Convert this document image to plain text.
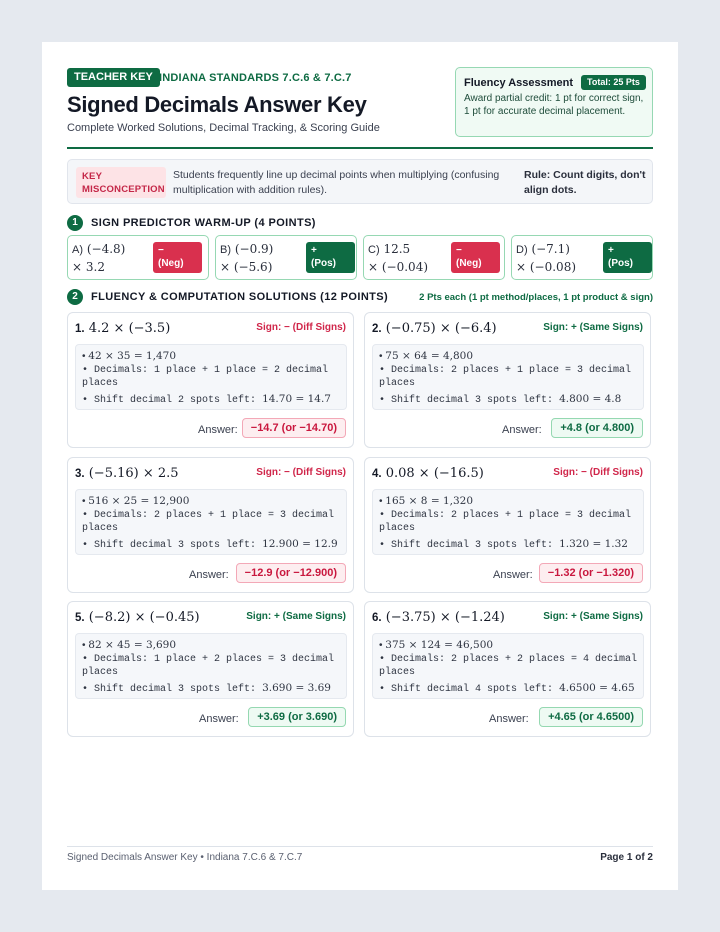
TEACHER KEY INDIANA STANDARDS 7.C.6 & 7.C.7
Signed Decimals Answer Key
Complete Worked Solutions, Decimal Tracking, & Scoring Guide
Fluency Assessment	Total: 25 Pts
Award partial credit: 1 pt for correct sign, 1 pt for accurate decimal placement.
KEY
MISCONCEPTION
Students frequently line up decimal points when multiplying (confusing multiplication with addition rules).
Rule: Count digits, don't align dots.
1	SIGN PREDICTOR WARM-UP (4 POINTS)
A) (−4.8)
× 3.2
−
(Neg)
B) (−0.9)
× (−5.6)
+
(Pos)
C) 12.5
× (−0.04)
−
(Neg)
D) (−7.1)
× (−0.08)
+
(Pos)
2	FLUENCY & COMPUTATION SOLUTIONS (12 POINTS)	2 Pts each (1 pt method/places, 1 pt product & sign)
1. 4.2 × (−3.5)	Sign: − (Diff Signs)
• 42 × 35 = 1,470
• Decimals: 1 place + 1 place = 2 decimal places
• Shift decimal 2 spots left: 14.70 = 14.7
Answer:	−14.7 (or −14.70)
2. (−0.75) × (−6.4)	Sign: + (Same Signs)
• 75 × 64 = 4,800
• Decimals: 2 places + 1 place = 3 decimal places
• Shift decimal 3 spots left: 4.800 = 4.8
Answer:	+4.8 (or 4.800)
3. (−5.16) × 2.5	Sign: − (Diff Signs)
• 516 × 25 = 12,900
• Decimals: 2 places + 1 place = 3 decimal places
• Shift decimal 3 spots left: 12.900 = 12.9
Answer:	−12.9 (or −12.900)
4. 0.08 × (−16.5)	Sign: − (Diff Signs)
• 165 × 8 = 1,320
• Decimals: 2 places + 1 place = 3 decimal places
• Shift decimal 3 spots left: 1.320 = 1.32
Answer:	−1.32 (or −1.320)
5. (−8.2) × (−0.45)	Sign: + (Same Signs)
• 82 × 45 = 3,690
• Decimals: 1 place + 2 places = 3 decimal places
• Shift decimal 3 spots left: 3.690 = 3.69
Answer:	+3.69 (or 3.690)
6. (−3.75) × (−1.24)	Sign: + (Same Signs)
• 375 × 124 = 46,500
• Decimals: 2 places + 2 places = 4 decimal places
• Shift decimal 4 spots left: 4.6500 = 4.65
Answer:	+4.65 (or 4.6500)
Signed Decimals Answer Key • Indiana 7.C.6 & 7.C.7	Page 1 of 2
